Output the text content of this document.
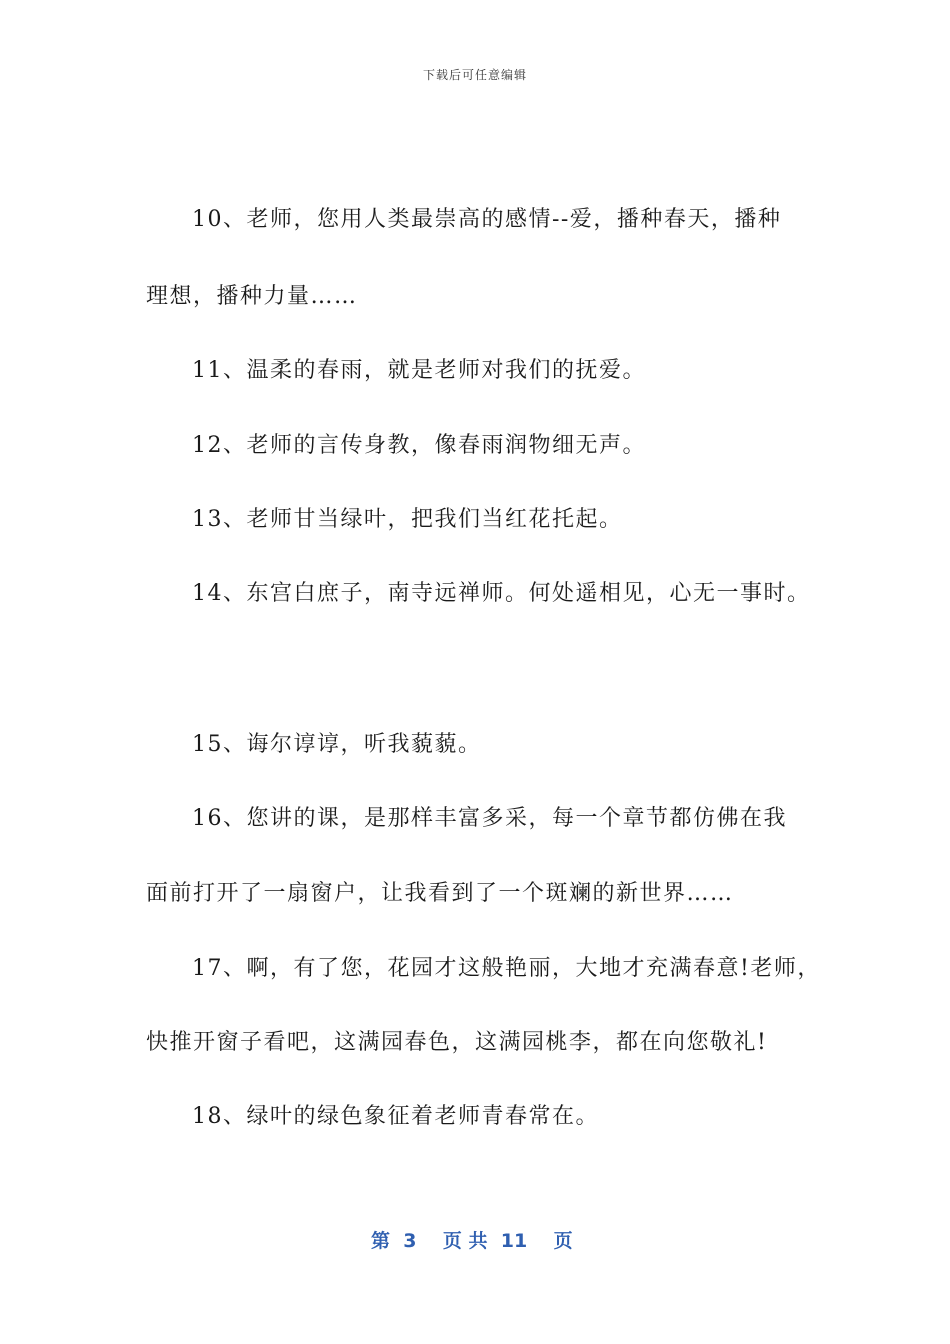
下载后可任意编辑
10、老师，您用人类最崇高的感情--爱，播种春天，播种
理想，播种力量……
11、温柔的春雨，就是老师对我们的抚爱。
12、老师的言传身教，像春雨润物细无声。
13、老师甘当绿叶，把我们当红花托起。
14、东宫白庶子，南寺远禅师。何处遥相见，心无一事时。
15、诲尔谆谆，听我藐藐。
16、您讲的课，是那样丰富多采，每一个章节都仿佛在我
面前打开了一扇窗户，让我看到了一个斑斓的新世界……
17、啊，有了您，花园才这般艳丽，大地才充满春意!老师，
快推开窗子看吧，这满园春色，这满园桃李，都在向您敬礼!
18、绿叶的绿色象征着老师青春常在。
第  3    页 共  11    页
